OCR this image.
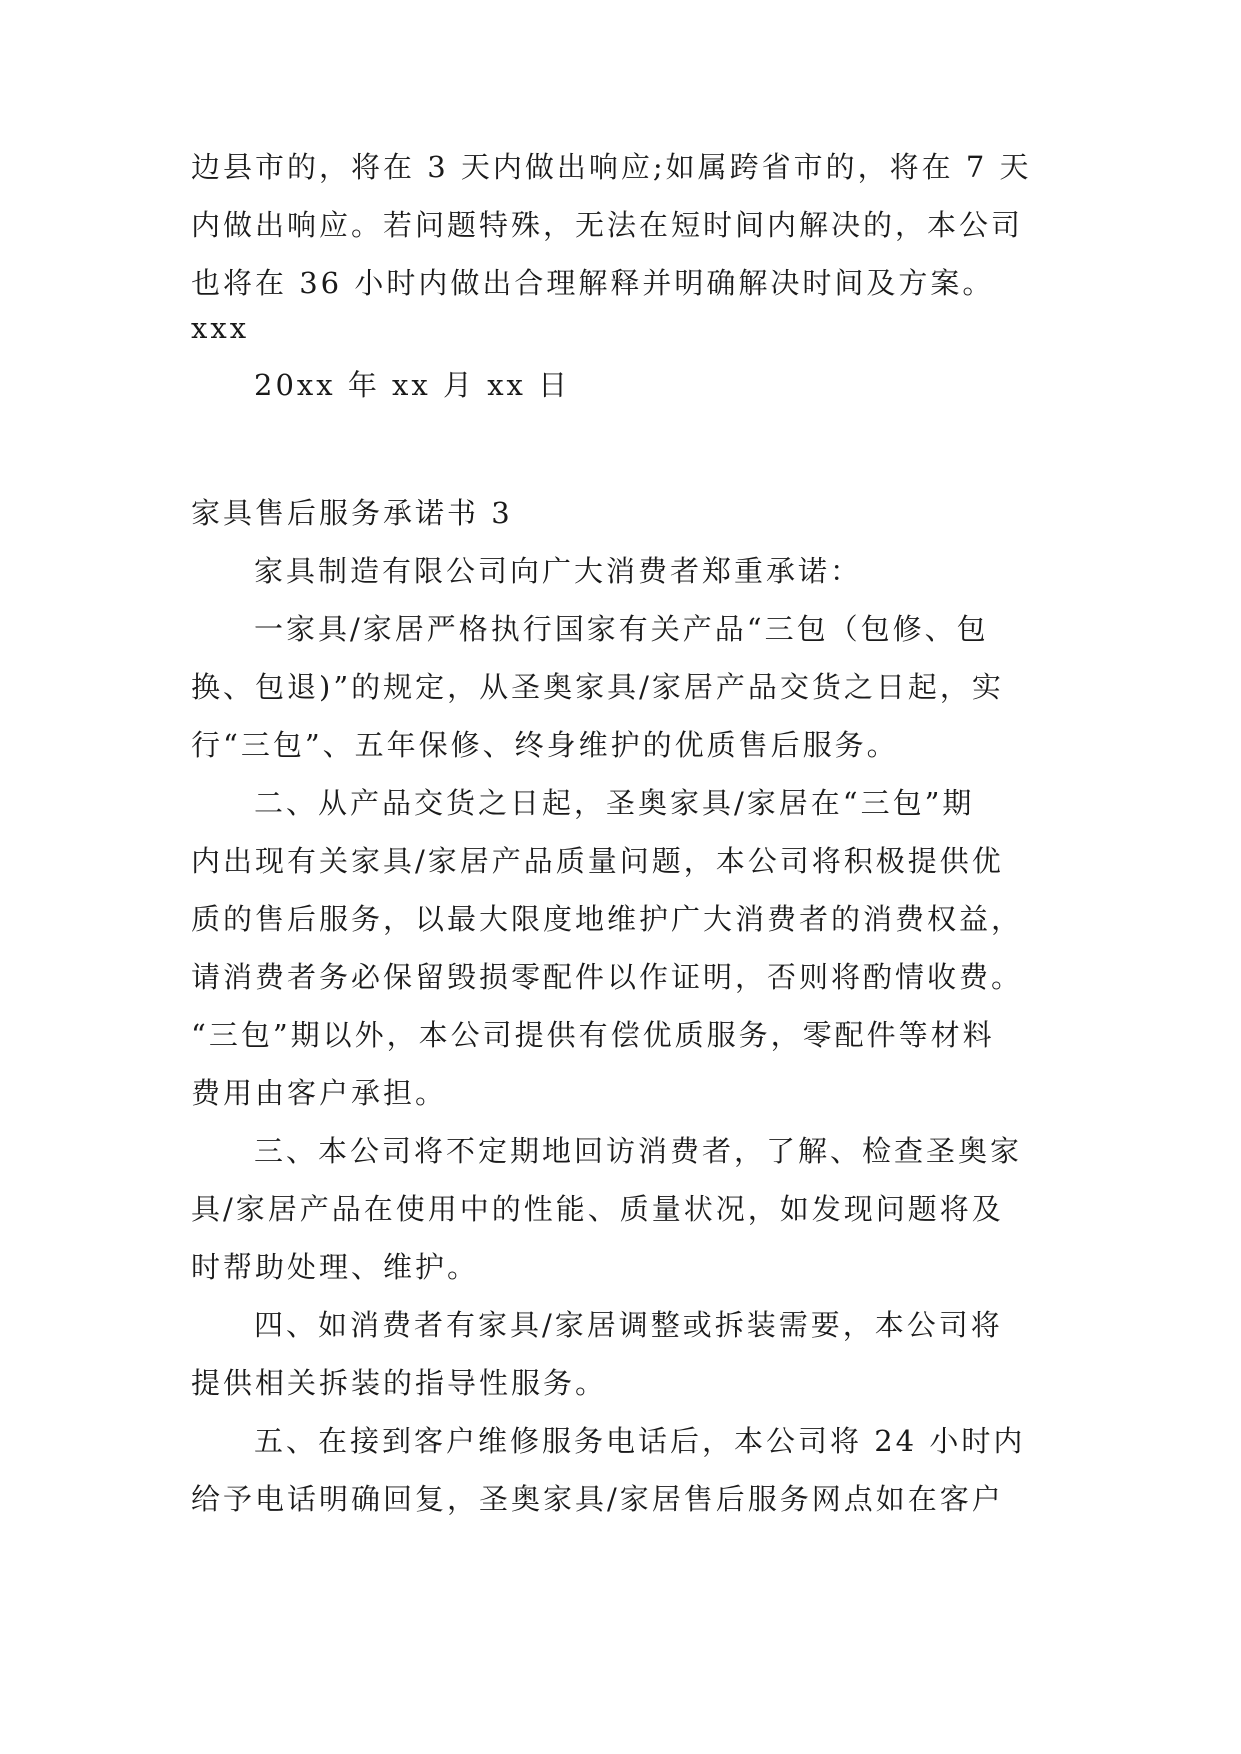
边县市的，将在 3 天内做出响应;如属跨省市的，将在 7 天
内做出响应。若问题特殊，无法在短时间内解决的，本公司
也将在 36 小时内做出合理解释并明确解决时间及方案。
xxx
20xx 年 xx 月 xx 日
家具售后服务承诺书 3
家具制造有限公司向广大消费者郑重承诺：
一家具/家居严格执行国家有关产品“三包（包修、包
换、包退)”的规定，从圣奥家具/家居产品交货之日起，实
行“三包”、五年保修、终身维护的优质售后服务。
二、从产品交货之日起，圣奥家具/家居在“三包”期
内出现有关家具/家居产品质量问题，本公司将积极提供优
质的售后服务，以最大限度地维护广大消费者的消费权益，
请消费者务必保留毁损零配件以作证明，否则将酌情收费。
“三包”期以外，本公司提供有偿优质服务，零配件等材料
费用由客户承担。
三、本公司将不定期地回访消费者，了解、检查圣奥家
具/家居产品在使用中的性能、质量状况，如发现问题将及
时帮助处理、维护。
四、如消费者有家具/家居调整或拆装需要，本公司将
提供相关拆装的指导性服务。
五、在接到客户维修服务电话后，本公司将 24 小时内
给予电话明确回复，圣奥家具/家居售后服务网点如在客户
